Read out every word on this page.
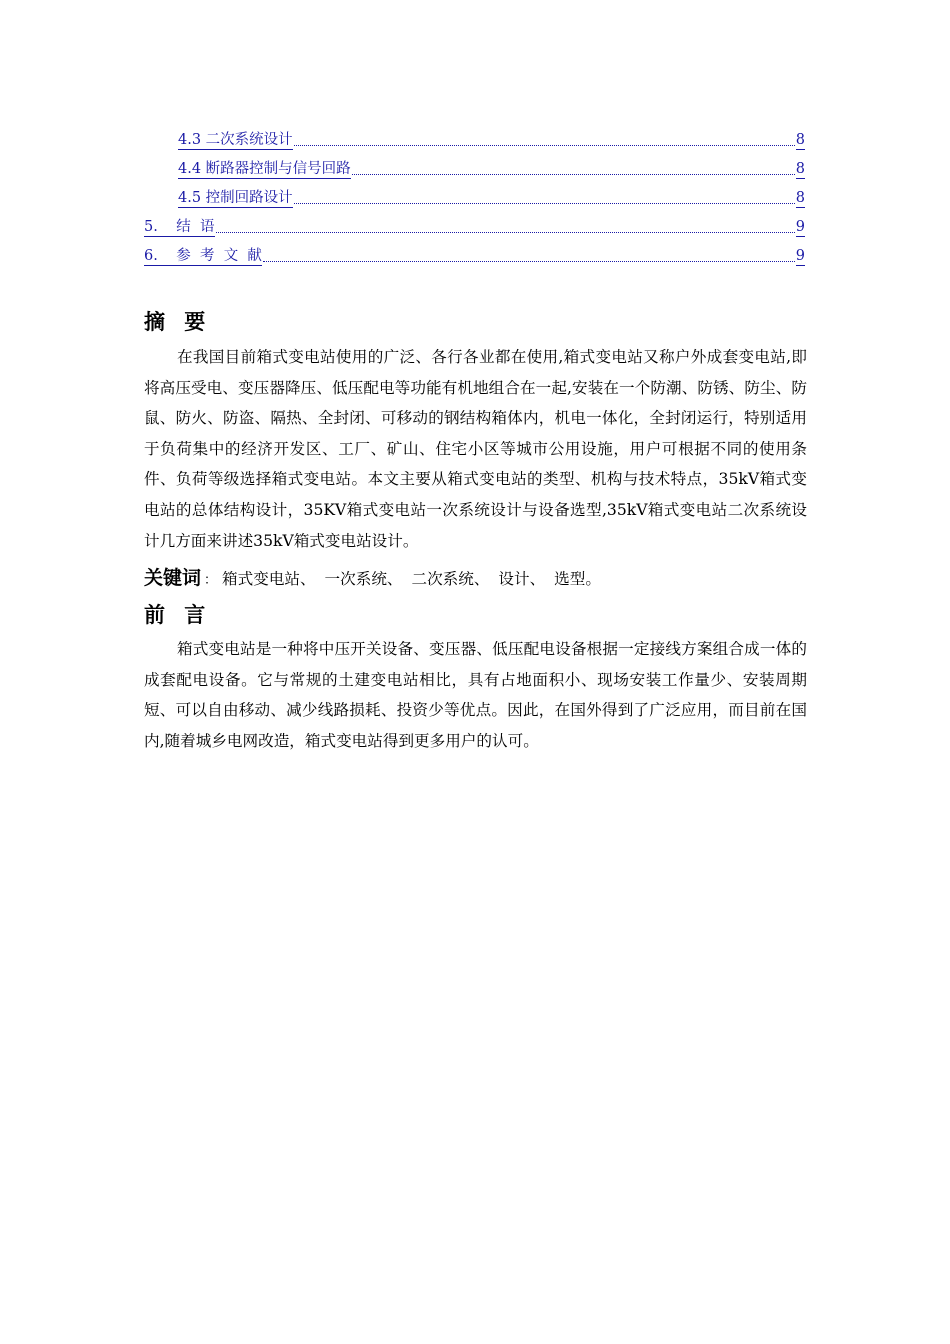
4.3 二次系统设计	8
4.4 断路器控制与信号回路	8
4.5 控制回路设计	8
5. 结  语	9
6. 参  考  文  献	9
摘 要

在我国目前箱式变电站使用的广泛、各行各业都在使用,箱式变电站又称户外成套变电站,即将高压受电、变压器降压、低压配电等功能有机地组合在一起,安装在一个防潮、防锈、防尘、防鼠、防火、防盗、隔热、全封闭、可移动的钢结构箱体内，机电一体化，全封闭运行，特别适用于负荷集中的经济开发区、工厂、矿山、住宅小区等城市公用设施，用户可根据不同的使用条件、负荷等级选择箱式变电站。本文主要从箱式变电站的类型、机构与技术特点，35kV箱式变电站的总体结构设计，35KV箱式变电站一次系统设计与设备选型,35kV箱式变电站二次系统设计几方面来讲述35kV箱式变电站设计。

关键词 ： 箱式变电站、 一次系统、 二次系统、 设计、 选型。
前 言

箱式变电站是一种将中压开关设备、变压器、低压配电设备根据一定接线方案组合成一体的成套配电设备。它与常规的土建变电站相比，具有占地面积小、现场安装工作量少、安装周期短、可以自由移动、减少线路损耗、投资少等优点。因此，在国外得到了广泛应用，而目前在国内,随着城乡电网改造，箱式变电站得到更多用户的认可。
